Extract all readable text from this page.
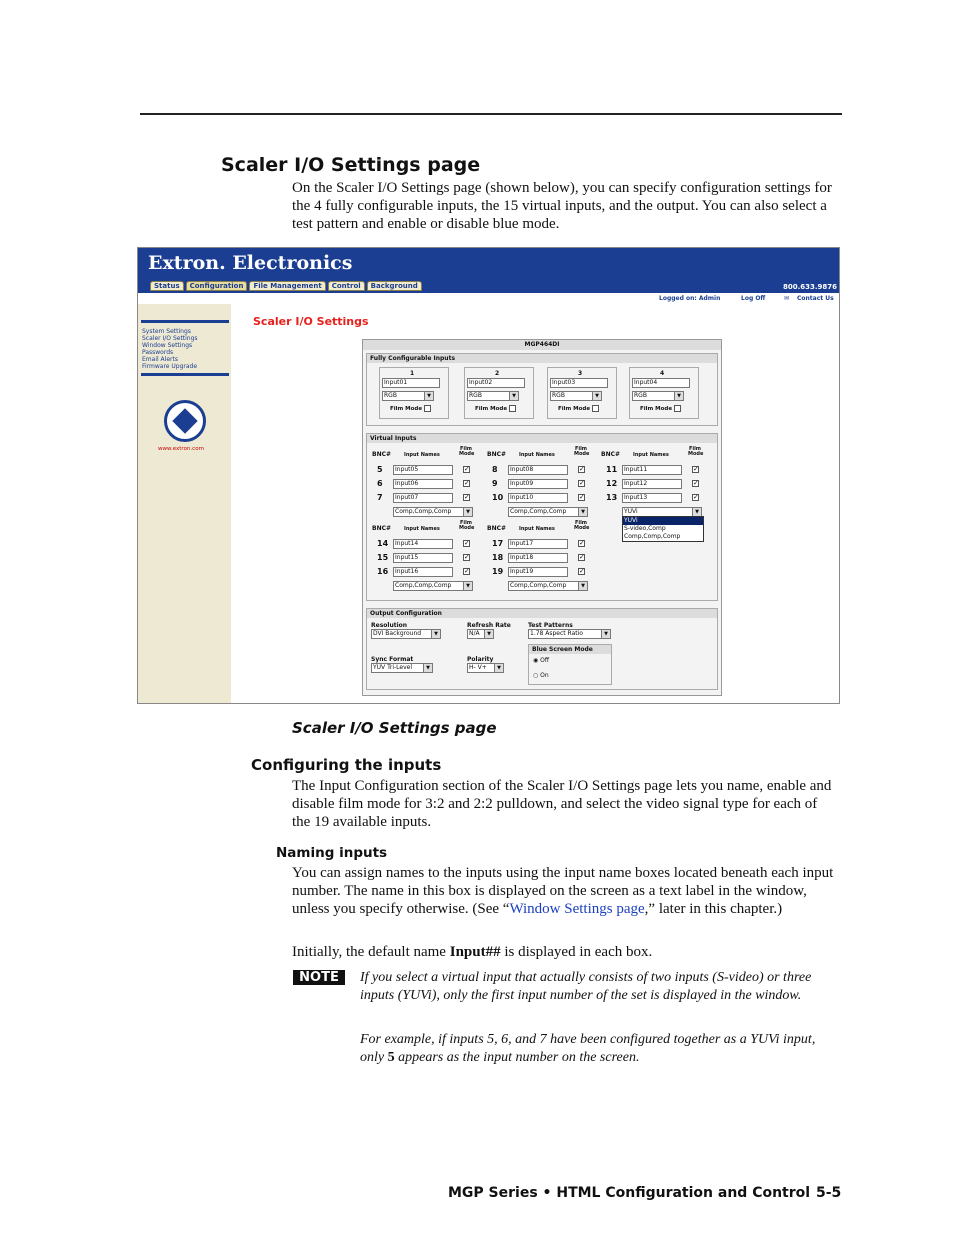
Scaler I/O Settings page
On the Scaler I/O Settings page (shown below), you can specify configuration settings for the 4 fully configurable inputs, the 15 virtual inputs, and the output. You can also select a test pattern and enable or disable blue mode.
Extron. Electronics
800.633.9876
Status	Configuration	File Management	Control	Background
Logged on: Admin	Log Off	✉ Contact Us
System Settings
Scaler I/O Settings
Window Settings
Passwords
Email Alerts
Firmware Upgrade
www.extron.com
Scaler I/O Settings
MGP464DI
Fully Configurable Inputs
1
Input01
RGB ▼
Film Mode
2
Input02
RGB ▼
Film Mode
3
Input03
RGB ▼
Film Mode
4
Input04
RGB ▼
Film Mode
Virtual Inputs
BNC#	Input Names
Film Mode
5	Input05	✓
6	Input06	✓
7	Input07	✓
Comp,Comp,Comp ▼
BNC#	Input Names
Film Mode
8	Input08	✓
9	Input09	✓
10	Input10	✓
Comp,Comp,Comp ▼
BNC#	Input Names
Film Mode
11	Input11	✓
12	Input12	✓
13	Input13	✓
YUVi ▼
BNC#	Input Names
Film Mode
14	Input14	✓
15	Input15	✓
16	Input16	✓
Comp,Comp,Comp ▼
BNC#	Input Names
Film Mode
17	Input17	✓
18	Input18	✓
19	Input19	✓
Comp,Comp,Comp ▼
YUVi
S-video,Comp
Comp,Comp,Comp
Output Configuration
Resolution
DVI Background ▼
Refresh Rate
N/A ▼
Test Patterns
1.78 Aspect Ratio ▼
Blue Screen Mode
◉ Off
○ On
Sync Format
YUV Tri-Level ▼
Polarity
H- V+ ▼
Scaler I/O Settings page
Configuring the inputs
The Input Configuration section of the Scaler I/O Settings page lets you name, enable and disable film mode for 3:2 and 2:2 pulldown, and select the video signal type for each of the 19 available inputs.
Naming inputs
You can assign names to the inputs using the input name boxes located beneath each input number. The name in this box is displayed on the screen as a text label in the window, unless you specify otherwise. (See “Window Settings page,” later in this chapter.)
Initially, the default name Input## is displayed in each box.
NOTE	If you select a virtual input that actually consists of two inputs (S-video) or three inputs (YUVi), only the first input number of the set is displayed in the window.
For example, if inputs 5, 6, and 7 have been configured together as a YUVi input, only 5 appears as the input number on the screen.
MGP Series • HTML Configuration and Control 5-5
